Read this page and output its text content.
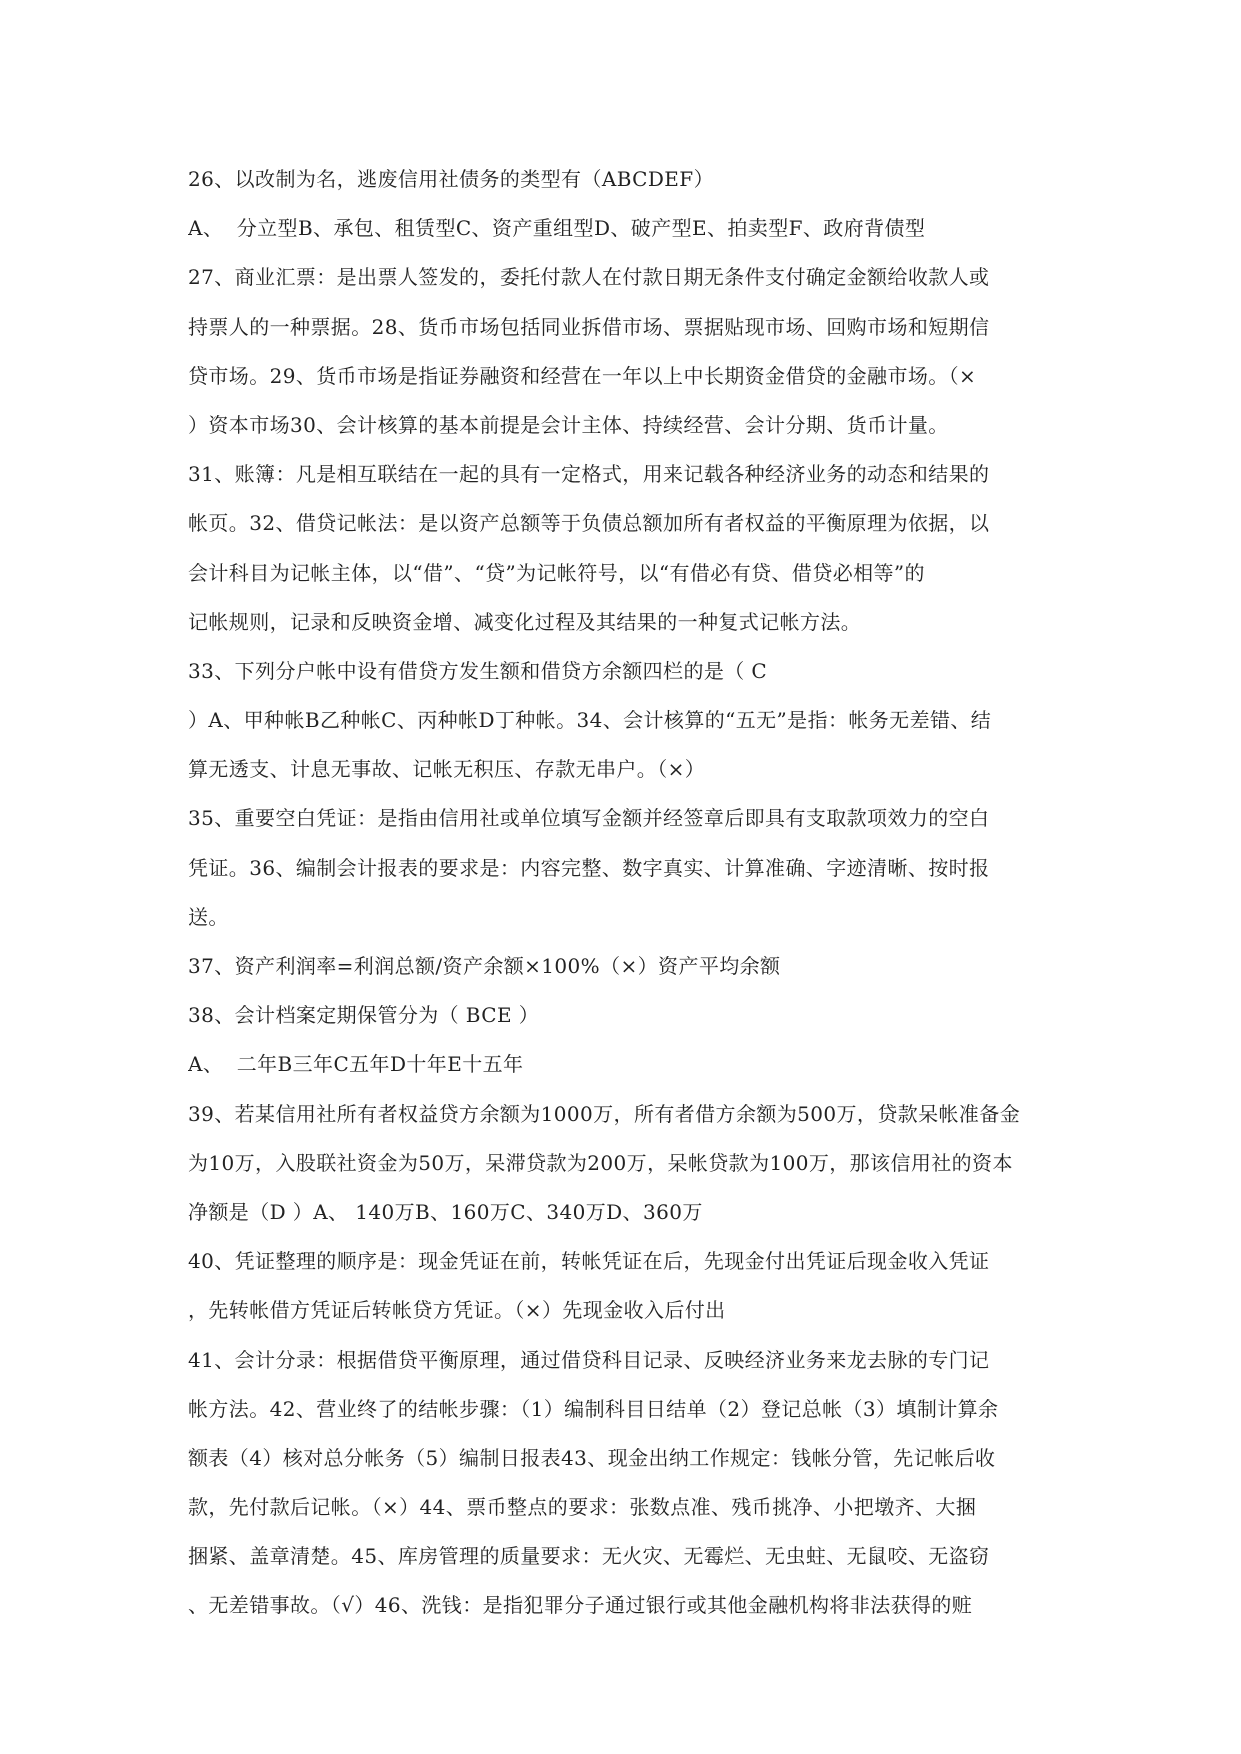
26、以改制为名，逃废信用社债务的类型有（ABCDEF）
A、  分立型B、承包、租赁型C、资产重组型D、破产型E、拍卖型F、政府背债型
27、商业汇票：是出票人签发的，委托付款人在付款日期无条件支付确定金额给收款人或
持票人的一种票据。28、货币市场包括同业拆借市场、票据贴现市场、回购市场和短期信
贷市场。29、货币市场是指证券融资和经营在一年以上中长期资金借贷的金融市场。（×
）资本市场30、会计核算的基本前提是会计主体、持续经营、会计分期、货币计量。
31、账簿：凡是相互联结在一起的具有一定格式，用来记载各种经济业务的动态和结果的
帐页。32、借贷记帐法：是以资产总额等于负债总额加所有者权益的平衡原理为依据，以
会计科目为记帐主体，以“借”、“贷”为记帐符号，以“有借必有贷、借贷必相等”的
记帐规则，记录和反映资金增、减变化过程及其结果的一种复式记帐方法。
33、下列分户帐中设有借贷方发生额和借贷方余额四栏的是（ C
）A、甲种帐B乙种帐C、丙种帐D丁种帐。34、会计核算的“五无”是指：帐务无差错、结
算无透支、计息无事故、记帐无积压、存款无串户。（×）
35、重要空白凭证：是指由信用社或单位填写金额并经签章后即具有支取款项效力的空白
凭证。36、编制会计报表的要求是：内容完整、数字真实、计算准确、字迹清晰、按时报
送。
37、资产利润率=利润总额/资产余额×100%（×）资产平均余额
38、会计档案定期保管分为（ BCE ）
A、  二年B三年C五年D十年E十五年
39、若某信用社所有者权益贷方余额为1000万，所有者借方余额为500万，贷款呆帐准备金
为10万，入股联社资金为50万，呆滞贷款为200万，呆帐贷款为100万，那该信用社的资本
净额是（D ）A、 140万B、160万C、340万D、360万
40、凭证整理的顺序是：现金凭证在前，转帐凭证在后，先现金付出凭证后现金收入凭证
，先转帐借方凭证后转帐贷方凭证。（×）先现金收入后付出
41、会计分录：根据借贷平衡原理，通过借贷科目记录、反映经济业务来龙去脉的专门记
帐方法。42、营业终了的结帐步骤：（1）编制科目日结单（2）登记总帐（3）填制计算余
额表（4）核对总分帐务（5）编制日报表43、现金出纳工作规定：钱帐分管，先记帐后收
款，先付款后记帐。（×）44、票币整点的要求：张数点准、残币挑净、小把墩齐、大捆
捆紧、盖章清楚。45、库房管理的质量要求：无火灾、无霉烂、无虫蛀、无鼠咬、无盗窃
、无差错事故。（√）46、洗钱：是指犯罪分子通过银行或其他金融机构将非法获得的赃
